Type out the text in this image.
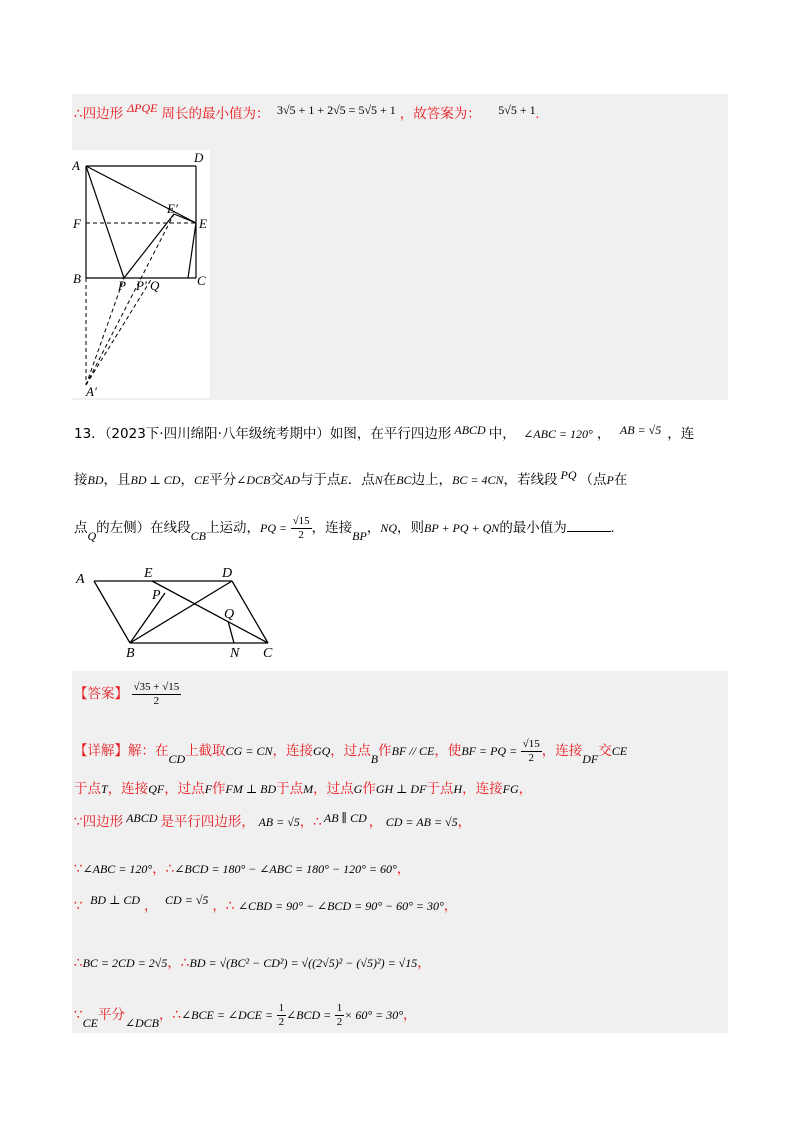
∴四边形 ΔPQE 周长的最小值为： 3√5 + 1 + 2√5 = 5√5 + 1 ，故答案为： 5√5 + 1.
A
D
E′
E
F
B	P P′ Q	C
A′
13．（2023下·四川绵阳·八年级统考期中）如图，在平行四边形 ABCD 中， ∠ABC = 120° ， AB = √5 ，连
接BD，且BD ⊥ CD，CE平分∠DCB交AD与于点E．点N在BC边上，BC = 4CN，若线段 PQ （点P在
点Q的左侧）在线段CB上运动，PQ = $\frac{√15}{2}$ ，连接BP，NQ，则BP + PQ + QN的最小值为	.
A	E	D
P
Q
B	N C
【答案】 $\frac{√35 + √15}{2}$
【详解】解：在CD上截取CG = CN，连接GQ，过点B作BF // CE，使BF = PQ = $\frac{√15}{2}$ ，连接DF交CE
于点T，连接QF，过点F作FM ⊥ BD于点M，过点G作GH ⊥ DF于点H，连接FG，
∵四边形 ABCD 是平行四边形， AB = √5，∴ AB ∥ CD ， CD = AB = √5，
∵∠ABC = 120°，∴∠BCD = 180° − ∠ABC = 180° − 120° = 60°，
∵ BD ⊥ CD ， CD = √5 ，∴ ∠CBD = 90° − ∠BCD = 90° − 60° = 30°，
∴BC = 2CD = 2√5，∴BD = √(BC² − CD²) = √((2√5)² − (√5)²) = √15，
∵CE平分∠DCB，∴∠BCE = ∠DCE = $\frac{1}{2}$ ∠BCD = $\frac{1}{2} \times 60^\circ = 30^\circ$，
